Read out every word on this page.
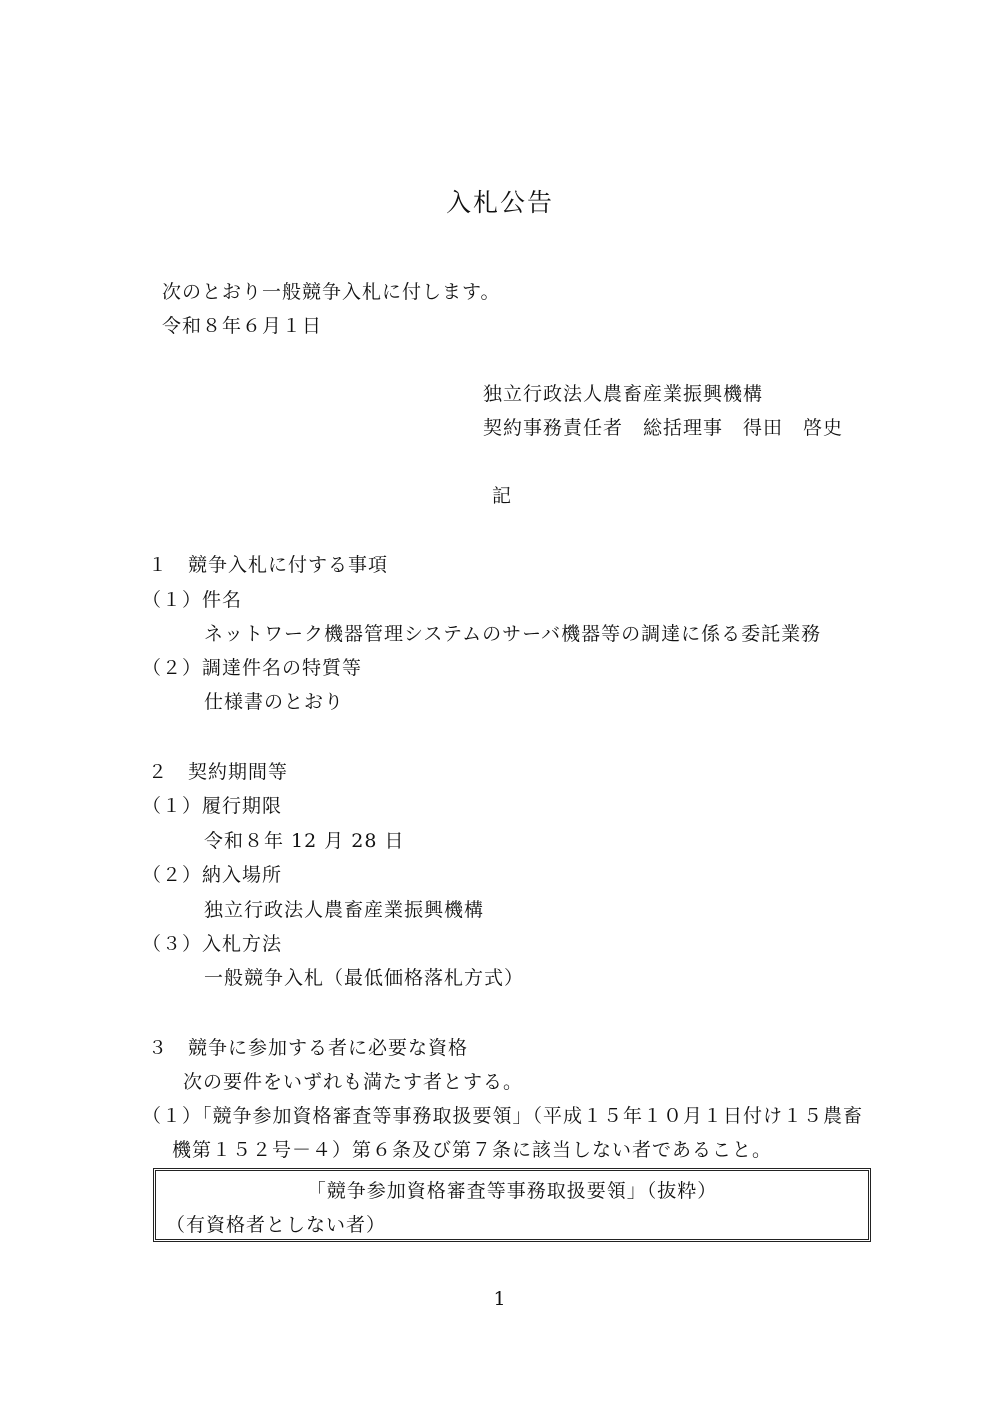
入札公告
次のとおり一般競争入札に付します。
令和８年６月１日
独立行政法人農畜産業振興機構
契約事務責任者　総括理事　得田　啓史
記
１　競争入札に付する事項
（１）件名
ネットワーク機器管理システムのサーバ機器等の調達に係る委託業務
（２）調達件名の特質等
仕様書のとおり
２　契約期間等
（１）履行期限
令和８年 12 月 28 日
（２）納入場所
独立行政法人農畜産業振興機構
（３）入札方法
一般競争入札（最低価格落札方式）
３　競争に参加する者に必要な資格
次の要件をいずれも満たす者とする。
（１）「競争参加資格審査等事務取扱要領」（平成１５年１０月１日付け１５農畜
機第１５２号－４）第６条及び第７条に該当しない者であること。
「競争参加資格審査等事務取扱要領」（抜粋）
（有資格者としない者）
1
